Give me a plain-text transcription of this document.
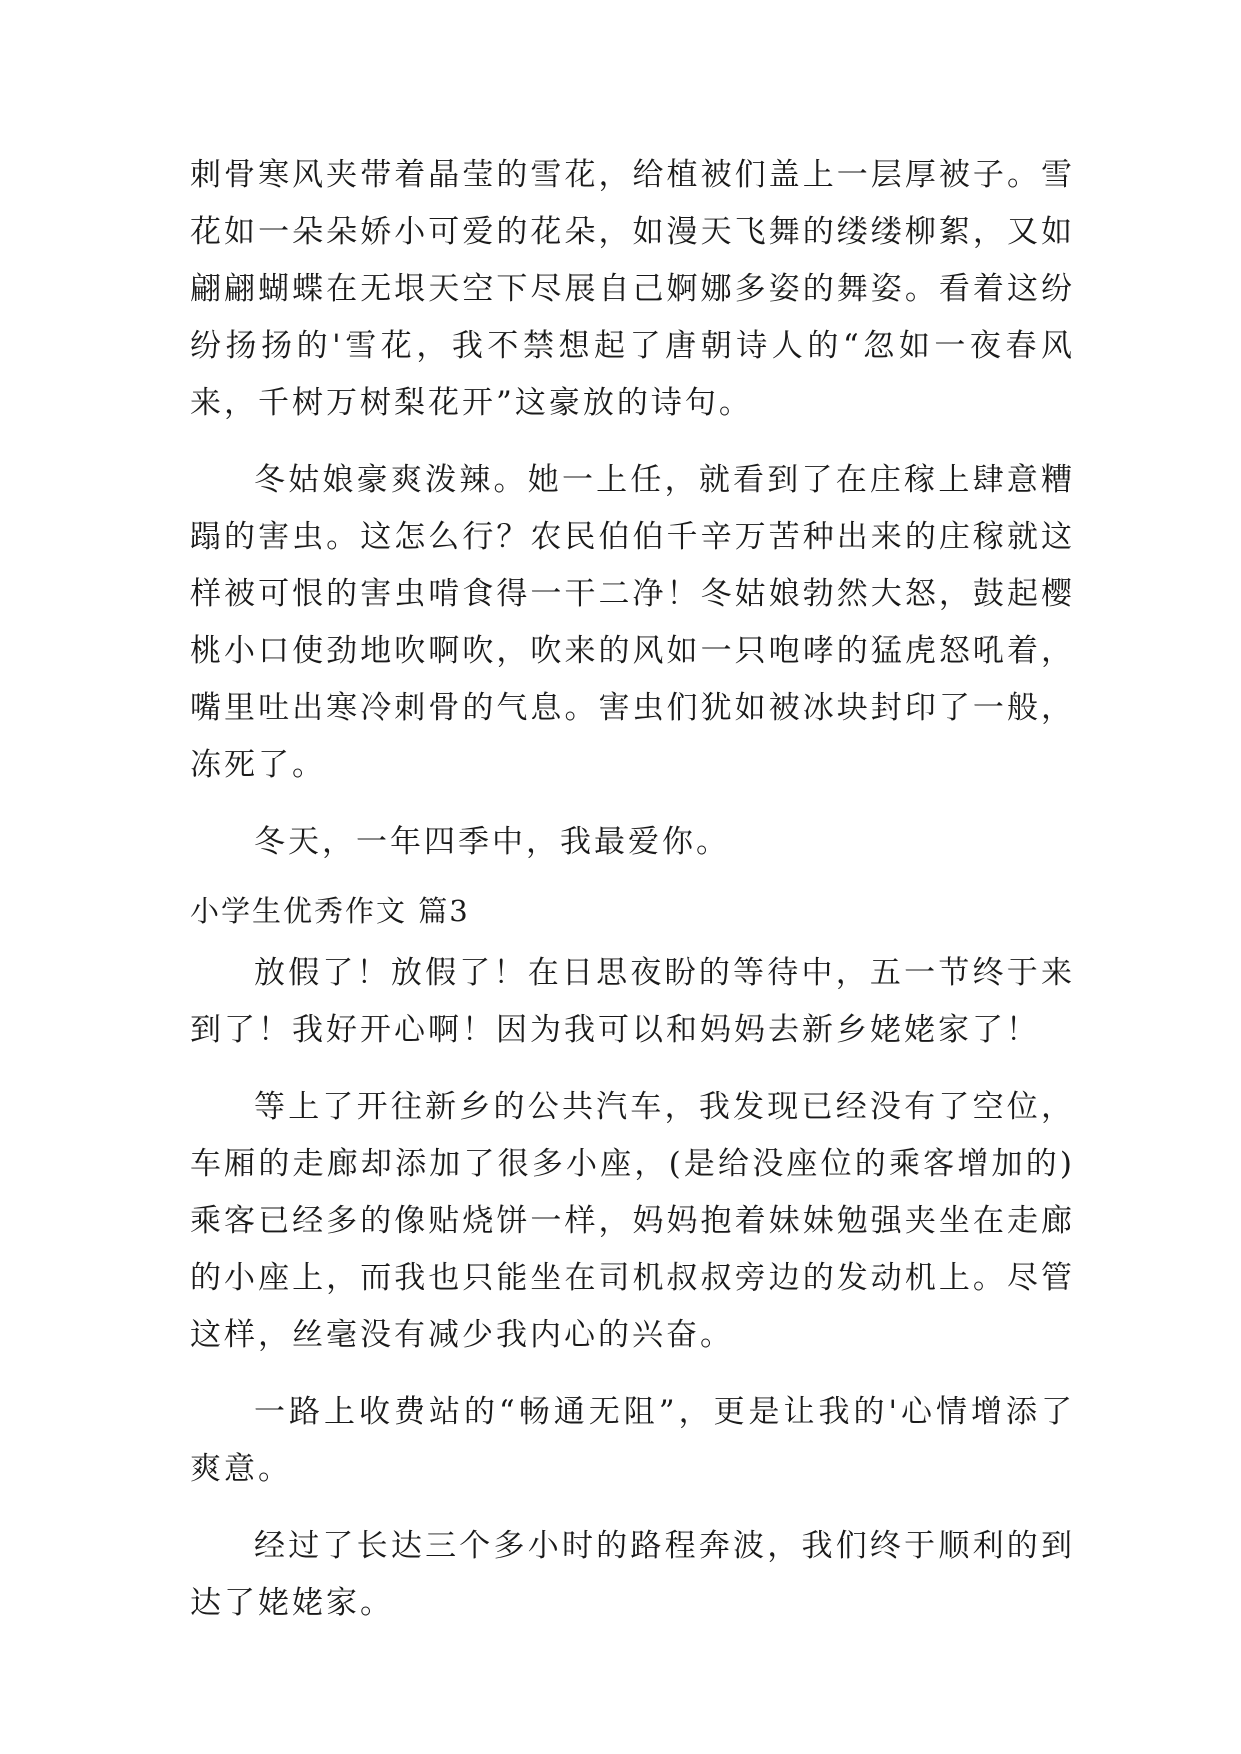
刺骨寒风夹带着晶莹的雪花，给植被们盖上一层厚被子。雪花如一朵朵娇小可爱的花朵，如漫天飞舞的缕缕柳絮，又如翩翩蝴蝶在无垠天空下尽展自己婀娜多姿的舞姿。看着这纷纷扬扬的'雪花，我不禁想起了唐朝诗人的“忽如一夜春风来，千树万树梨花开”这豪放的诗句。

冬姑娘豪爽泼辣。她一上任，就看到了在庄稼上肆意糟蹋的害虫。这怎么行？农民伯伯千辛万苦种出来的庄稼就这样被可恨的害虫啃食得一干二净！冬姑娘勃然大怒，鼓起樱桃小口使劲地吹啊吹，吹来的风如一只咆哮的猛虎怒吼着，嘴里吐出寒冷刺骨的气息。害虫们犹如被冰块封印了一般，冻死了。

冬天，一年四季中，我最爱你。

小学生优秀作文 篇3

放假了！放假了！在日思夜盼的等待中，五一节终于来到了！我好开心啊！因为我可以和妈妈去新乡姥姥家了！

等上了开往新乡的公共汽车，我发现已经没有了空位，车厢的走廊却添加了很多小座，(是给没座位的乘客增加的)乘客已经多的像贴烧饼一样，妈妈抱着妹妹勉强夹坐在走廊的小座上，而我也只能坐在司机叔叔旁边的发动机上。尽管这样，丝毫没有减少我内心的兴奋。

一路上收费站的“畅通无阻”，更是让我的'心情增添了爽意。

经过了长达三个多小时的路程奔波，我们终于顺利的到达了姥姥家。
